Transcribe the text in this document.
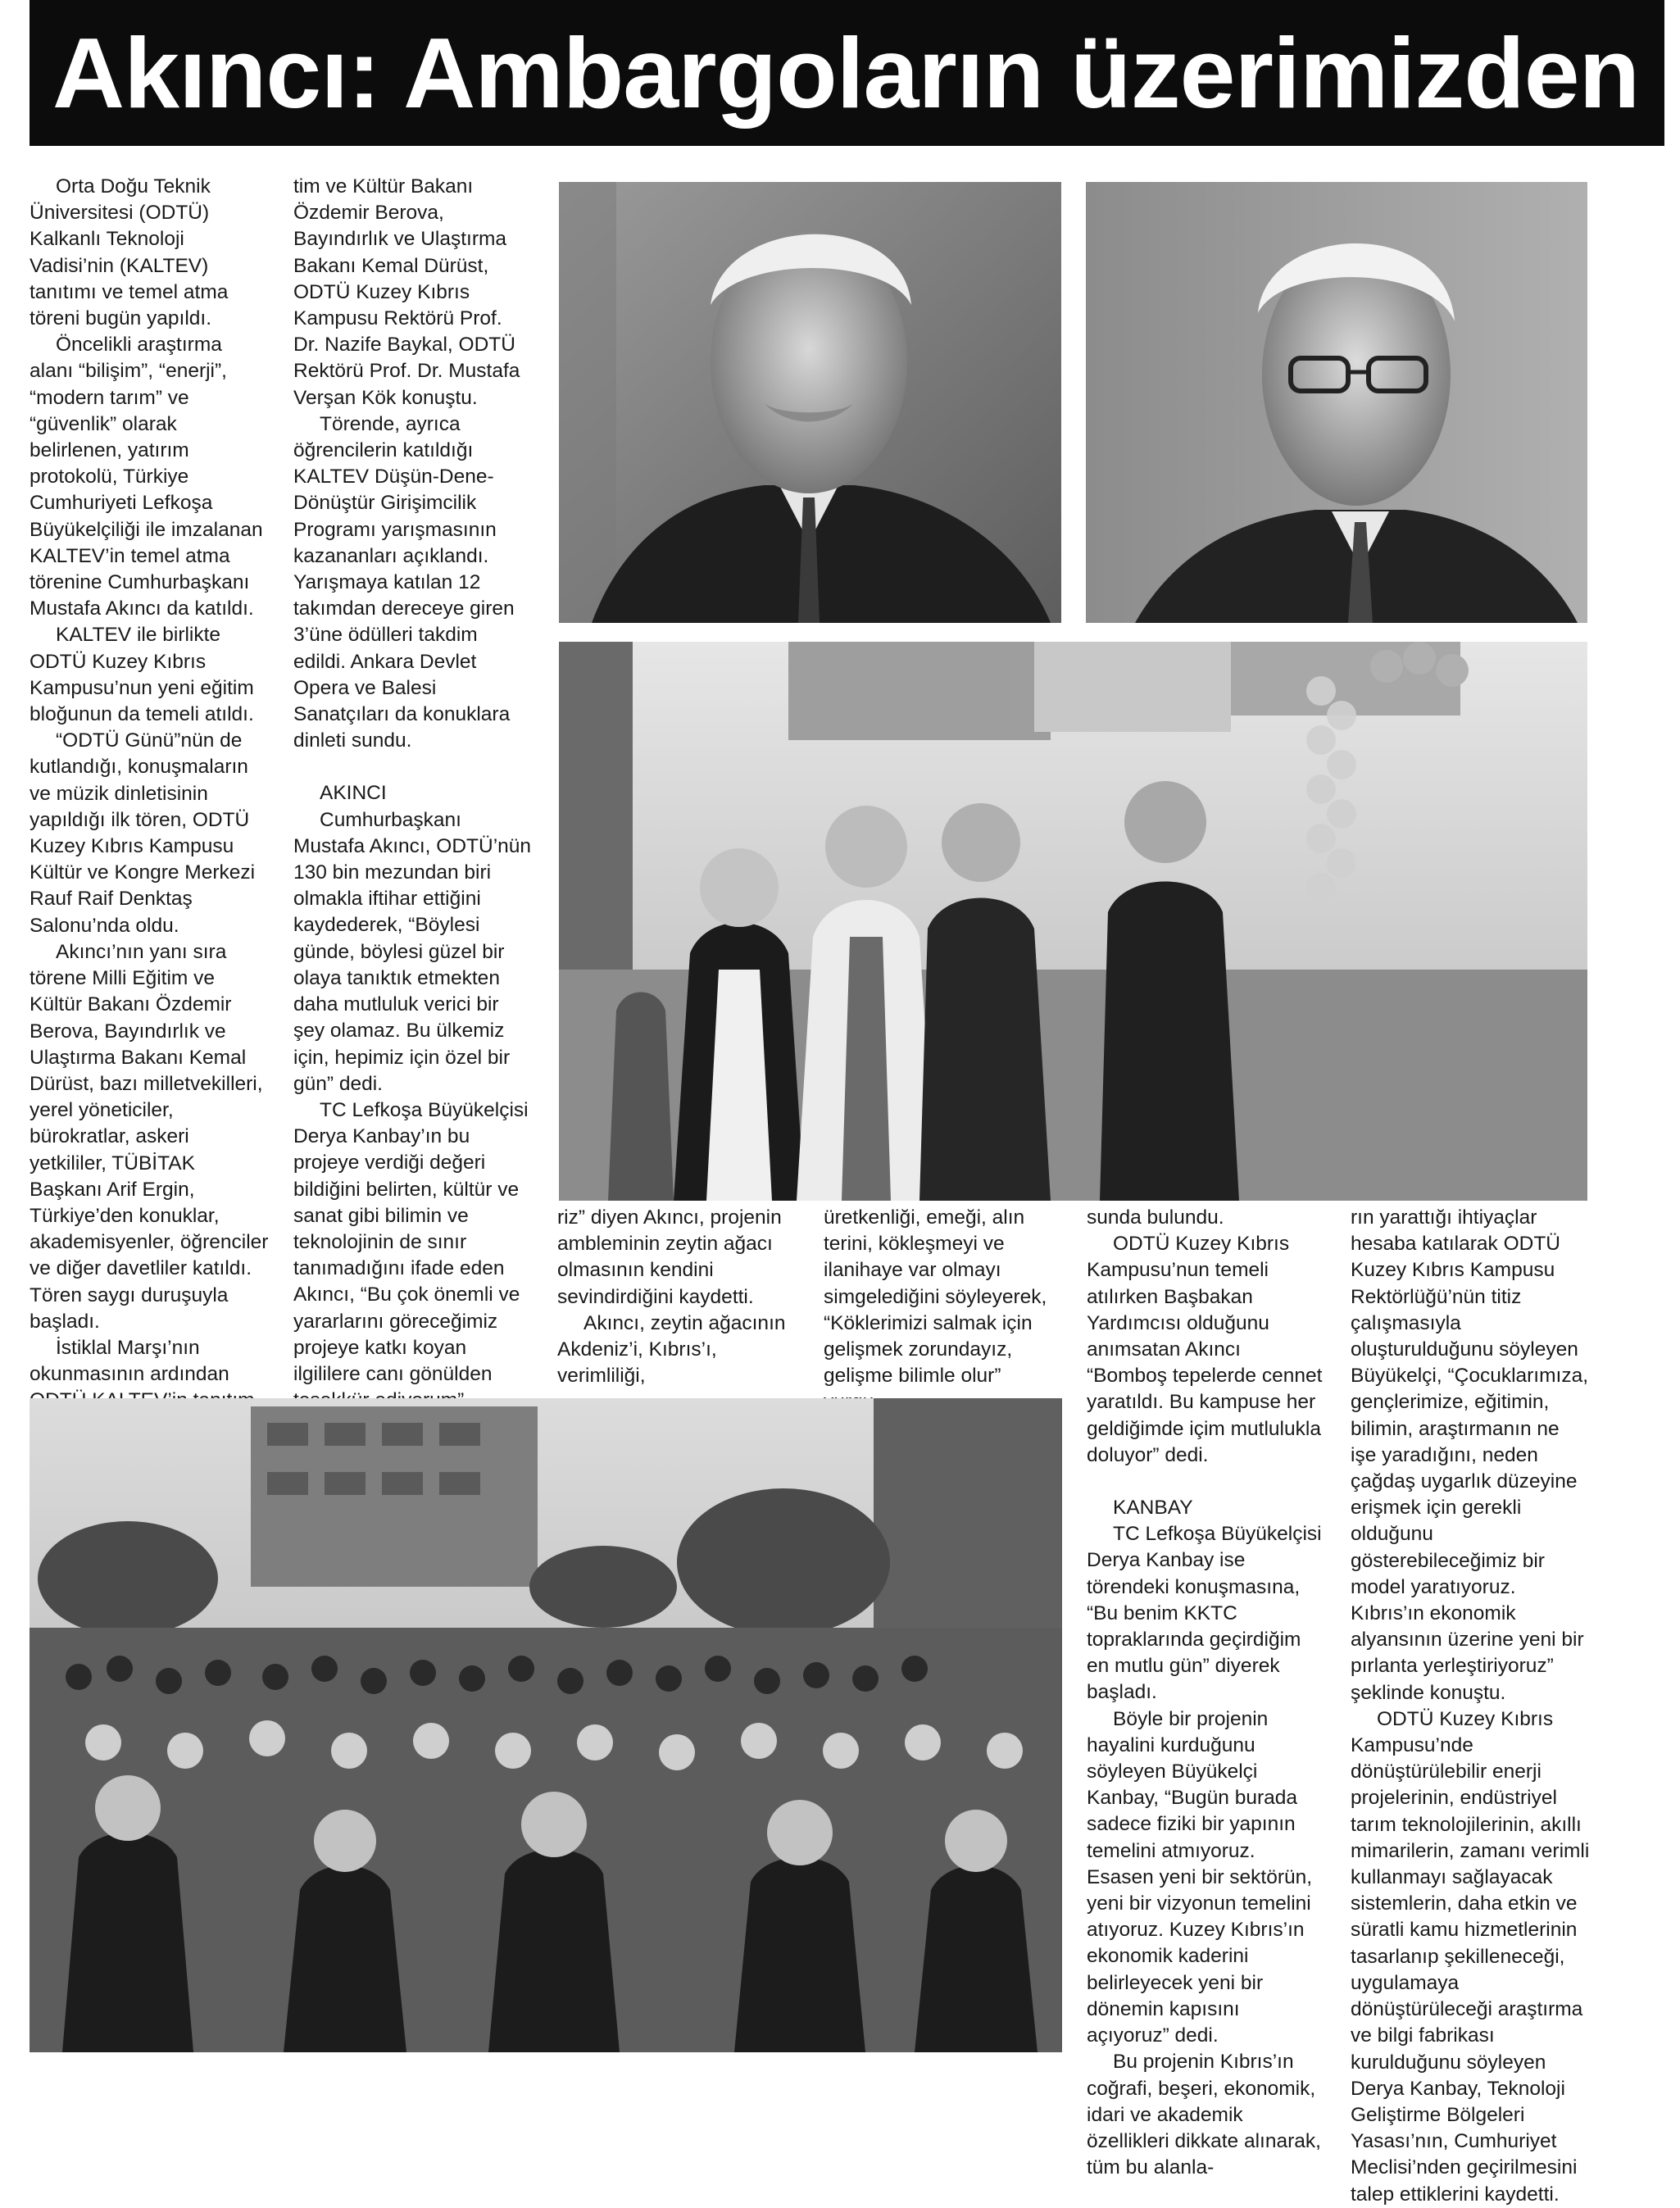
Akıncı: Ambargoların üzerimizden

Orta Doğu Teknik Üniversitesi (ODTÜ) Kalkanlı Teknoloji Vadisi’nin (KALTEV) tanıtımı ve temel atma töreni bugün yapıldı.

Öncelikli araştırma alanı “bilişim”, “enerji”, “modern tarım” ve “güvenlik” olarak belirlenen, yatırım protokolü, Türkiye Cumhuriyeti Lefkoşa Büyükelçiliği ile imzalanan KALTEV’in temel atma törenine Cumhurbaşkanı Mustafa Akıncı da katıldı.

KALTEV ile birlikte ODTÜ Kuzey Kıbrıs Kampusu’nun yeni eğitim bloğunun da temeli atıldı.

“ODTÜ Günü”nün de kutlandığı, konuşmaların ve müzik dinletisinin yapıldığı ilk tören, ODTÜ Kuzey Kıbrıs Kampusu Kültür ve Kongre Merkezi Rauf Raif Denktaş Salonu’nda oldu.

Akıncı’nın yanı sıra törene Milli Eğitim ve Kültür Bakanı Özdemir Berova, Bayındırlık ve Ulaştırma Bakanı Kemal Dürüst, bazı milletvekilleri, yerel yöneticiler, bürokratlar, askeri yetkililer, TÜBİTAK Başkanı Arif Ergin, Türkiye’den konuklar, akademisyenler, öğrenciler ve diğer davetliler katıldı. Tören saygı duruşuyla başladı.

İstiklal Marşı’nın okunmasının ardından

tim ve Kültür Bakanı Özdemir Berova, Bayındırlık ve Ulaştırma Bakanı Kemal Dürüst, ODTÜ Kuzey Kıbrıs Kampusu Rektörü Prof. Dr. Nazife Baykal, ODTÜ Rektörü Prof. Dr. Mustafa Verşan Kök konuştu.

Törende, ayrıca öğrencilerin katıldığı KALTEV Düşün-Dene-Dönüştür Girişimcilik Programı yarışmasının kazananları açıklandı. Yarışmaya katılan 12 takımdan dereceye giren 3’üne ödülleri takdim edildi. Ankara Devlet Opera ve Balesi Sanatçıları da konuklara dinleti sundu.

AKINCI

Cumhurbaşkanı Mustafa Akıncı, ODTÜ’nün 130 bin mezundan biri olmakla iftihar ettiğini kaydederek, “Böylesi günde, böylesi güzel bir olaya tanıktık etmekten daha mutluluk verici bir şey olamaz. Bu ülkemiz için, hepimiz için özel bir gün” dedi.

TC Lefkoşa Büyükelçisi Derya Kanbay’ın bu projeye verdiği değeri bildiğini belirten, kültür ve sanat gibi bilimin ve teknolojinin de sınır tanımadığını ifade eden Akıncı, “Bu çok önemli ve yararlarını göreceğimiz projeye katkı koyan ilgililere canı gönülden

riz” diyen Akıncı, projenin ambleminin zeytin ağacı olmasının kendini sevindirdiğini kaydetti.

Akıncı, zeytin ağacının Akdeniz’i, Kıbrıs’ı, verimliliği,

üretkenliği, emeği, alın terini, kökleşmeyi ve ilanihaye var olmayı simgelediğini söyleyerek, “Köklerimizi salmak için gelişmek zorundayız, gelişme bilimle olur”

sunda bulundu.

ODTÜ Kuzey Kıbrıs Kampusu’nun temeli atılırken Başbakan Yardımcısı olduğunu anımsatan Akıncı “Bomboş tepelerde cennet yaratıldı. Bu kampuse her geldiğimde içim mutlulukla doluyor” dedi.

KANBAY

TC Lefkoşa Büyükelçisi Derya Kanbay ise törendeki konuşmasına, “Bu benim KKTC topraklarında geçirdiğim en mutlu gün” diyerek başladı.

Böyle bir projenin hayalini kurduğunu söyleyen Büyükelçi Kanbay, “Bugün burada sadece fiziki bir yapının temelini atmıyoruz. Esasen yeni bir sektörün, yeni bir vizyonun temelini atıyoruz. Kuzey Kıbrıs’ın ekonomik kaderini belirleyecek yeni bir dönemin kapısını açıyoruz” dedi.

Bu projenin Kıbrıs’ın coğrafi, beşeri, ekonomik, idari ve akademik özellikleri dikkate alınarak, tüm bu alanla-

rın yarattığı ihtiyaçlar hesaba katılarak ODTÜ Kuzey Kıbrıs Kampusu Rektörlüğü’nün titiz çalışmasıyla oluşturulduğunu söyleyen Büyükelçi, “Çocuklarımıza, gençlerimize, eğitimin, bilimin, araştırmanın ne işe yaradığını, neden çağdaş uygarlık düzeyine erişmek için gerekli olduğunu gösterebileceğimiz bir model yaratıyoruz. Kıbrıs’ın ekonomik alyansının üzerine yeni bir pırlanta yerleştiriyoruz” şeklinde konuştu.

ODTÜ Kuzey Kıbrıs Kampusu’nde dönüştürülebilir enerji projelerinin, endüstriyel tarım teknolojilerinin, akıllı mimarilerin, zamanı verimli kullanmayı sağlayacak sistemlerin, daha etkin ve süratli kamu hizmetlerinin tasarlanıp şekilleneceği, uygulamaya dönüştürüleceği araştırma ve bilgi fabrikası kurulduğunu söyleyen Derya Kanbay, Teknoloji Geliştirme Bölgeleri Yasası’nın, Cumhuriyet Meclisi’nden geçirilmesini talep ettiklerini kaydetti.
